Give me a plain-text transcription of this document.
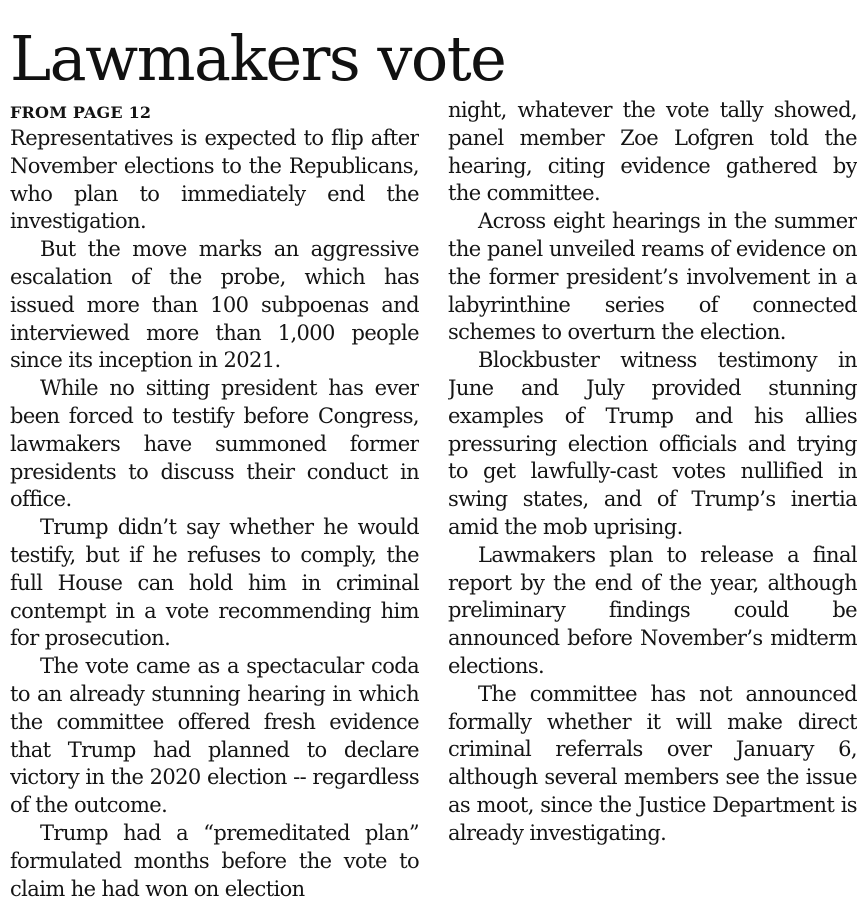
Lawmakers vote
FROM PAGE 12

Representatives is expected to flip after November elections to the Republicans, who plan to immediately end the investigation.

But the move marks an aggressive escalation of the probe, which has issued more than 100 subpoenas and interviewed more than 1,000 people since its inception in 2021.

While no sitting president has ever been forced to testify before Congress, lawmakers have summoned former presidents to discuss their conduct in office.

Trump didn’t say whether he would testify, but if he refuses to comply, the full House can hold him in criminal contempt in a vote recommending him for prosecution.

The vote came as a spectacular coda to an already stunning hearing in which the committee offered fresh evidence that Trump had planned to declare victory in the 2020 election -- regardless of the outcome.

Trump had a “premeditated plan” formulated months before the vote to claim he had won on election

night, whatever the vote tally showed, panel member Zoe Lofgren told the hearing, citing evidence gathered by the committee.

Across eight hearings in the summer the panel unveiled reams of evidence on the former president’s involvement in a labyrinthine series of connected schemes to overturn the election.

Blockbuster witness testimony in June and July provided stunning examples of Trump and his allies pressuring election officials and trying to get lawfully-cast votes nullified in swing states, and of Trump’s inertia amid the mob uprising.

Lawmakers plan to release a final report by the end of the year, although preliminary findings could be announced before November’s midterm elections.

The committee has not announced formally whether it will make direct criminal referrals over January 6, although several members see the issue as moot, since the Justice Department is already investigating.
